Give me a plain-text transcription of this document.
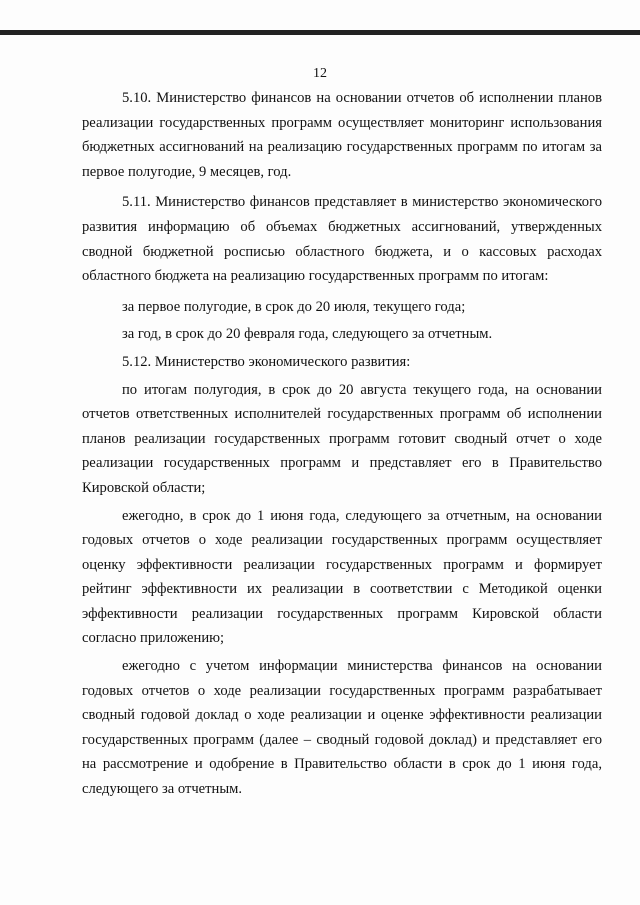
12

5.10. Министерство финансов на основании отчетов об исполнении планов реализации государственных программ осуществляет мониторинг использования бюджетных ассигнований на реализацию государственных программ по итогам за первое полугодие, 9 месяцев, год.

5.11. Министерство финансов представляет в министерство экономического развития информацию об объемах бюджетных ассигнований, утвержденных сводной бюджетной росписью областного бюджета, и о кассовых расходах областного бюджета на реализацию государственных программ по итогам:

за первое полугодие, в срок до 20 июля, текущего года;

за год, в срок до 20 февраля года, следующего за отчетным.

5.12. Министерство экономического развития:

по итогам полугодия, в срок до 20 августа текущего года, на основании отчетов ответственных исполнителей государственных программ об исполнении планов реализации государственных программ готовит сводный отчет о ходе реализации государственных программ и представляет его в Правительство Кировской области;

ежегодно, в срок до 1 июня года, следующего за отчетным, на основании годовых отчетов о ходе реализации государственных программ осуществляет оценку эффективности реализации государственных программ и формирует рейтинг эффективности их реализации в соответствии с Методикой оценки эффективности реализации государственных программ Кировской области согласно приложению;

ежегодно с учетом информации министерства финансов на основании годовых отчетов о ходе реализации государственных программ разрабатывает сводный годовой доклад о ходе реализации и оценке эффективности реализации государственных программ (далее – сводный годовой доклад) и представляет его на рассмотрение и одобрение в Правительство области в срок до 1 июня года, следующего за отчетным.
